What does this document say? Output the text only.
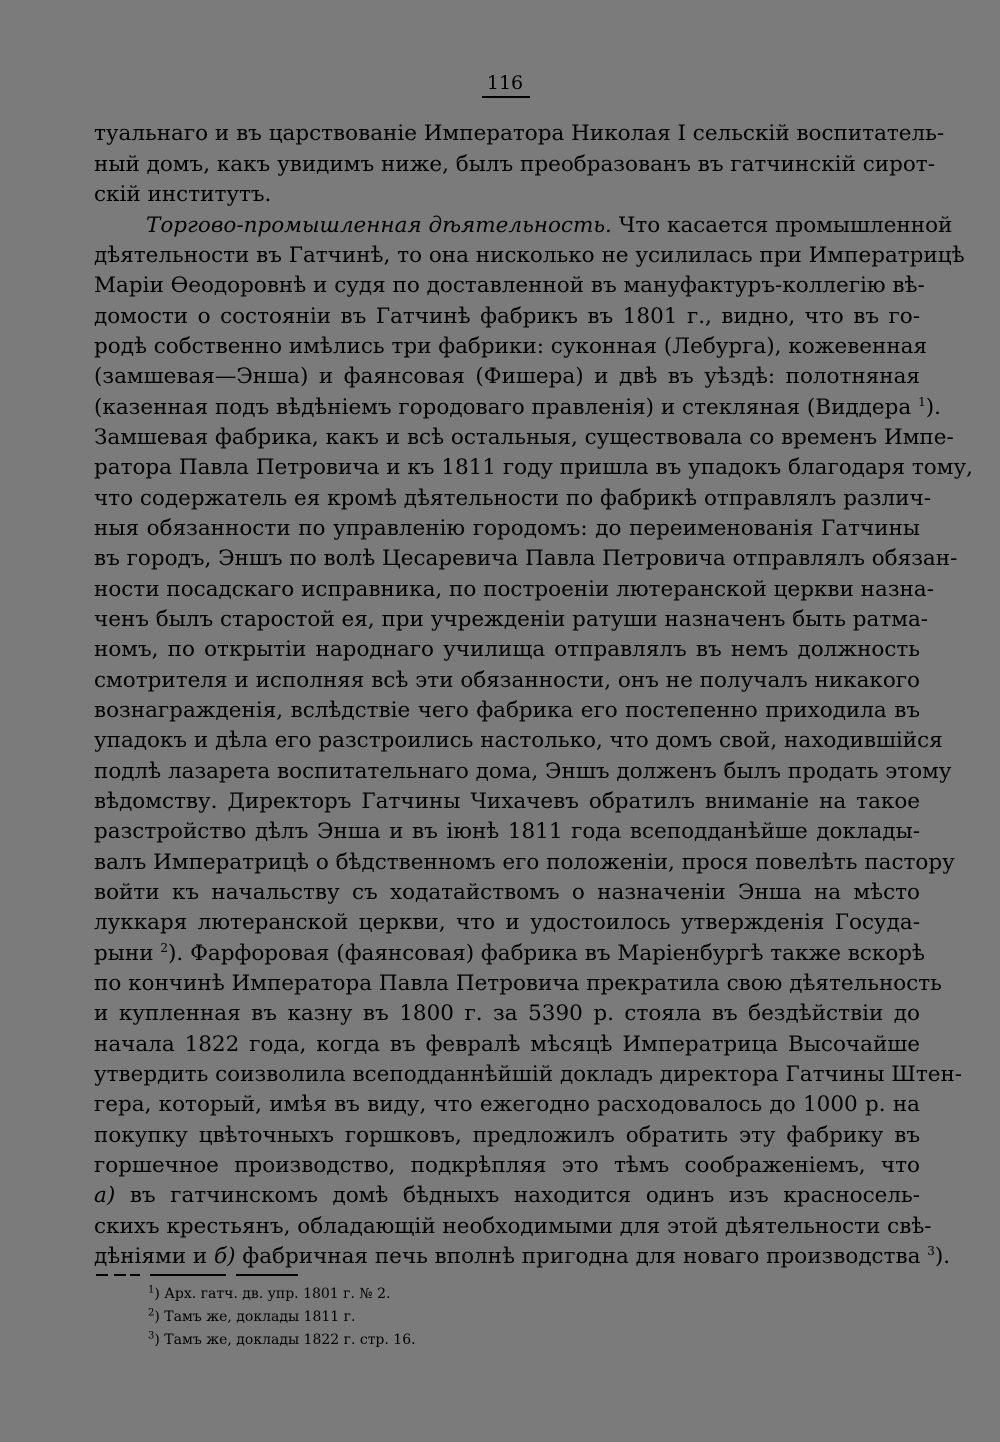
116
туальнаго и въ царствованіе Императора Николая I сельскій воспитатель-
ный домъ, какъ увидимъ ниже, былъ преобразованъ въ гатчинскій сирот-
скій институтъ.
Торгово-промышленная дѣятельность. Что касается промышленной
дѣятельности въ Гатчинѣ, то она нисколько не усилилась при Императрицѣ
Маріи Ѳеодоровнѣ и судя по доставленной въ мануфактуръ-коллегію вѣ-
домости о состояніи въ Гатчинѣ фабрикъ въ 1801 г., видно, что въ го-
родѣ собственно имѣлись три фабрики: суконная (Лебурга), кожевенная
(замшевая—Энша) и фаянсовая (Фишера) и двѣ въ уѣздѣ: полотняная
(казенная подъ вѣдѣніемъ городоваго правленія) и стекляная (Виддера $^1$).
Замшевая фабрика, какъ и всѣ остальныя, существовала со временъ Импе-
ратора Павла Петровича и къ 1811 году пришла въ упадокъ благодаря тому,
что содержатель ея кромѣ дѣятельности по фабрикѣ отправлялъ различ-
ныя обязанности по управленію городомъ: до переименованія Гатчины
въ городъ, Эншъ по волѣ Цесаревича Павла Петровича отправлялъ обязан-
ности посадскаго исправника, по построеніи лютеранской церкви назна-
ченъ былъ старостой ея, при учрежденіи ратуши назначенъ быть ратма-
номъ, по открытіи народнаго училища отправлялъ въ немъ должность
смотрителя и исполняя всѣ эти обязанности, онъ не получалъ никакого
вознагражденія, вслѣдствіе чего фабрика его постепенно приходила въ
упадокъ и дѣла его разстроились настолько, что домъ свой, находившійся
подлѣ лазарета воспитательнаго дома, Эншъ долженъ былъ продать этому
вѣдомству. Директоръ Гатчины Чихачевъ обратилъ вниманіе на такое
разстройство дѣлъ Энша и въ іюнѣ 1811 года всеподданѣйше доклады-
валъ Императрицѣ о бѣдственномъ его положеніи, прося повелѣть пастору
войти къ начальству съ ходатайствомъ о назначеніи Энша на мѣсто
луккаря лютеранской церкви, что и удостоилось утвержденія Госуда-
рыни $^2$). Фарфоровая (фаянсовая) фабрика въ Маріенбургѣ также вскорѣ
по кончинѣ Императора Павла Петровича прекратила свою дѣятельность
и купленная въ казну въ 1800 г. за 5390 р. стояла въ бездѣйствіи до
начала 1822 года, когда въ февралѣ мѣсяцѣ Императрица Высочайше
утвердить соизволила всеподданнѣйшій докладъ директора Гатчины Штен-
гера, который, имѣя въ виду, что ежегодно расходовалось до 1000 р. на
покупку цвѣточныхъ горшковъ, предложилъ обратить эту фабрику въ
горшечное производство, подкрѣпляя это тѣмъ соображеніемъ, что
а) въ гатчинскомъ домѣ бѣдныхъ находится одинъ изъ красносель-
скихъ крестьянъ, обладающій необходимыми для этой дѣятельности свѣ-
дѣніями и б) фабричная печь вполнѣ пригодна для новаго производства $^3$).
$^1$) Арх. гатч. дв. упр. 1801 г. № 2.
$^2$) Тамъ же, доклады 1811 г.
$^3$) Тамъ же, доклады 1822 г. стр. 16.
